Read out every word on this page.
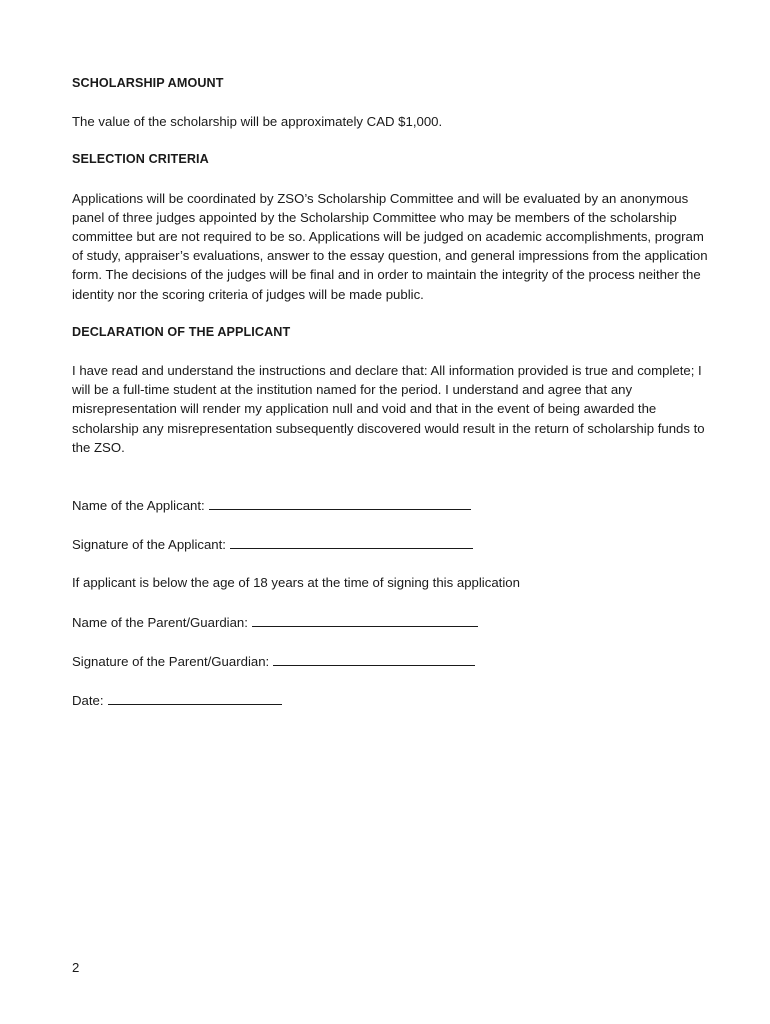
SCHOLARSHIP AMOUNT

The value of the scholarship will be approximately CAD $1,000.

SELECTION CRITERIA

Applications will be coordinated by ZSO’s Scholarship Committee and will be evaluated by an anonymous panel of three judges appointed by the Scholarship Committee who may be members of the scholarship committee but are not required to be so. Applications will be judged on academic accomplishments, program of study, appraiser’s evaluations, answer to the essay question, and general impressions from the application form. The decisions of the judges will be final and in order to maintain the integrity of the process neither the identity nor the scoring criteria of judges will be made public.

DECLARATION OF THE APPLICANT

I have read and understand the instructions and declare that: All information provided is true and complete; I will be a full-time student at the institution named for the period. I understand and agree that any misrepresentation will render my application null and void and that in the event of being awarded the scholarship any misrepresentation subsequently discovered would result in the return of scholarship funds to the ZSO.

Name of the Applicant:

Signature of the Applicant:

If applicant is below the age of 18 years at the time of signing this application

Name of the Parent/Guardian:

Signature of the Parent/Guardian:

Date:

2
